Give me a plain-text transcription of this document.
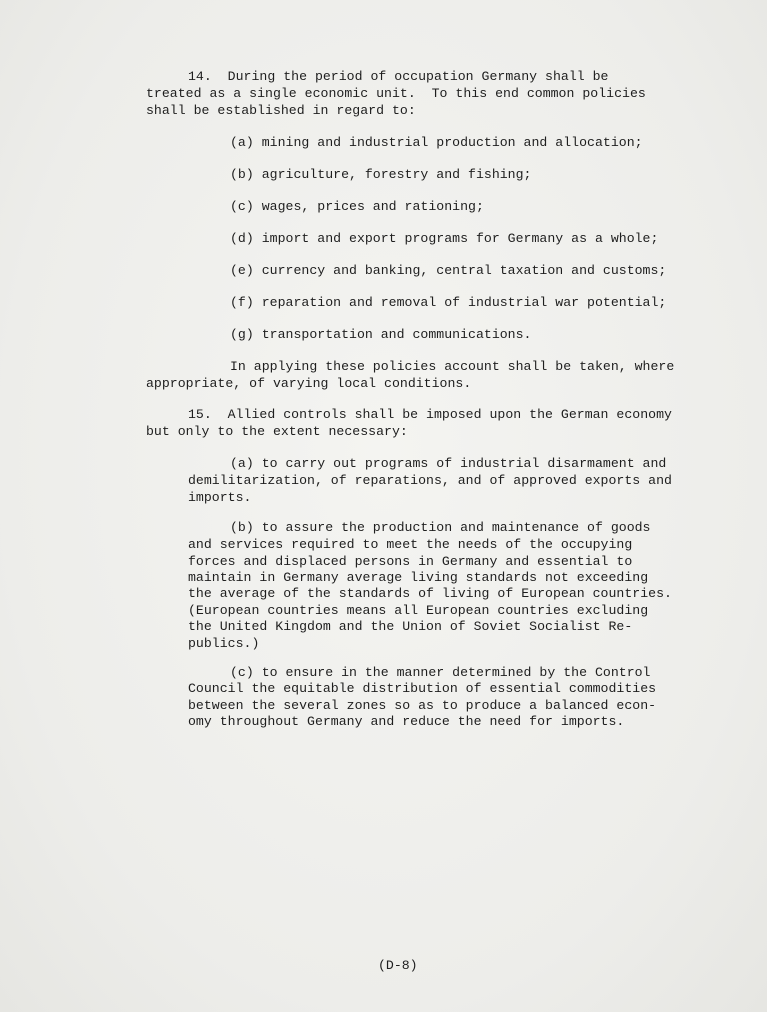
14.  During the period of occupation Germany shall be
treated as a single economic unit.  To this end common policies
shall be established in regard to:
(a) mining and industrial production and allocation;
(b) agriculture, forestry and fishing;
(c) wages, prices and rationing;
(d) import and export programs for Germany as a whole;
(e) currency and banking, central taxation and customs;
(f) reparation and removal of industrial war potential;
(g) transportation and communications.
In applying these policies account shall be taken, where
appropriate, of varying local conditions.
15.  Allied controls shall be imposed upon the German economy
but only to the extent necessary:
(a) to carry out programs of industrial disarmament and
demilitarization, of reparations, and of approved exports and
imports.
(b) to assure the production and maintenance of goods
and services required to meet the needs of the occupying
forces and displaced persons in Germany and essential to
maintain in Germany average living standards not exceeding
the average of the standards of living of European countries.
(European countries means all European countries excluding
the United Kingdom and the Union of Soviet Socialist Re-
publics.)
(c) to ensure in the manner determined by the Control
Council the equitable distribution of essential commodities
between the several zones so as to produce a balanced econ-
omy throughout Germany and reduce the need for imports.
(D-8)
